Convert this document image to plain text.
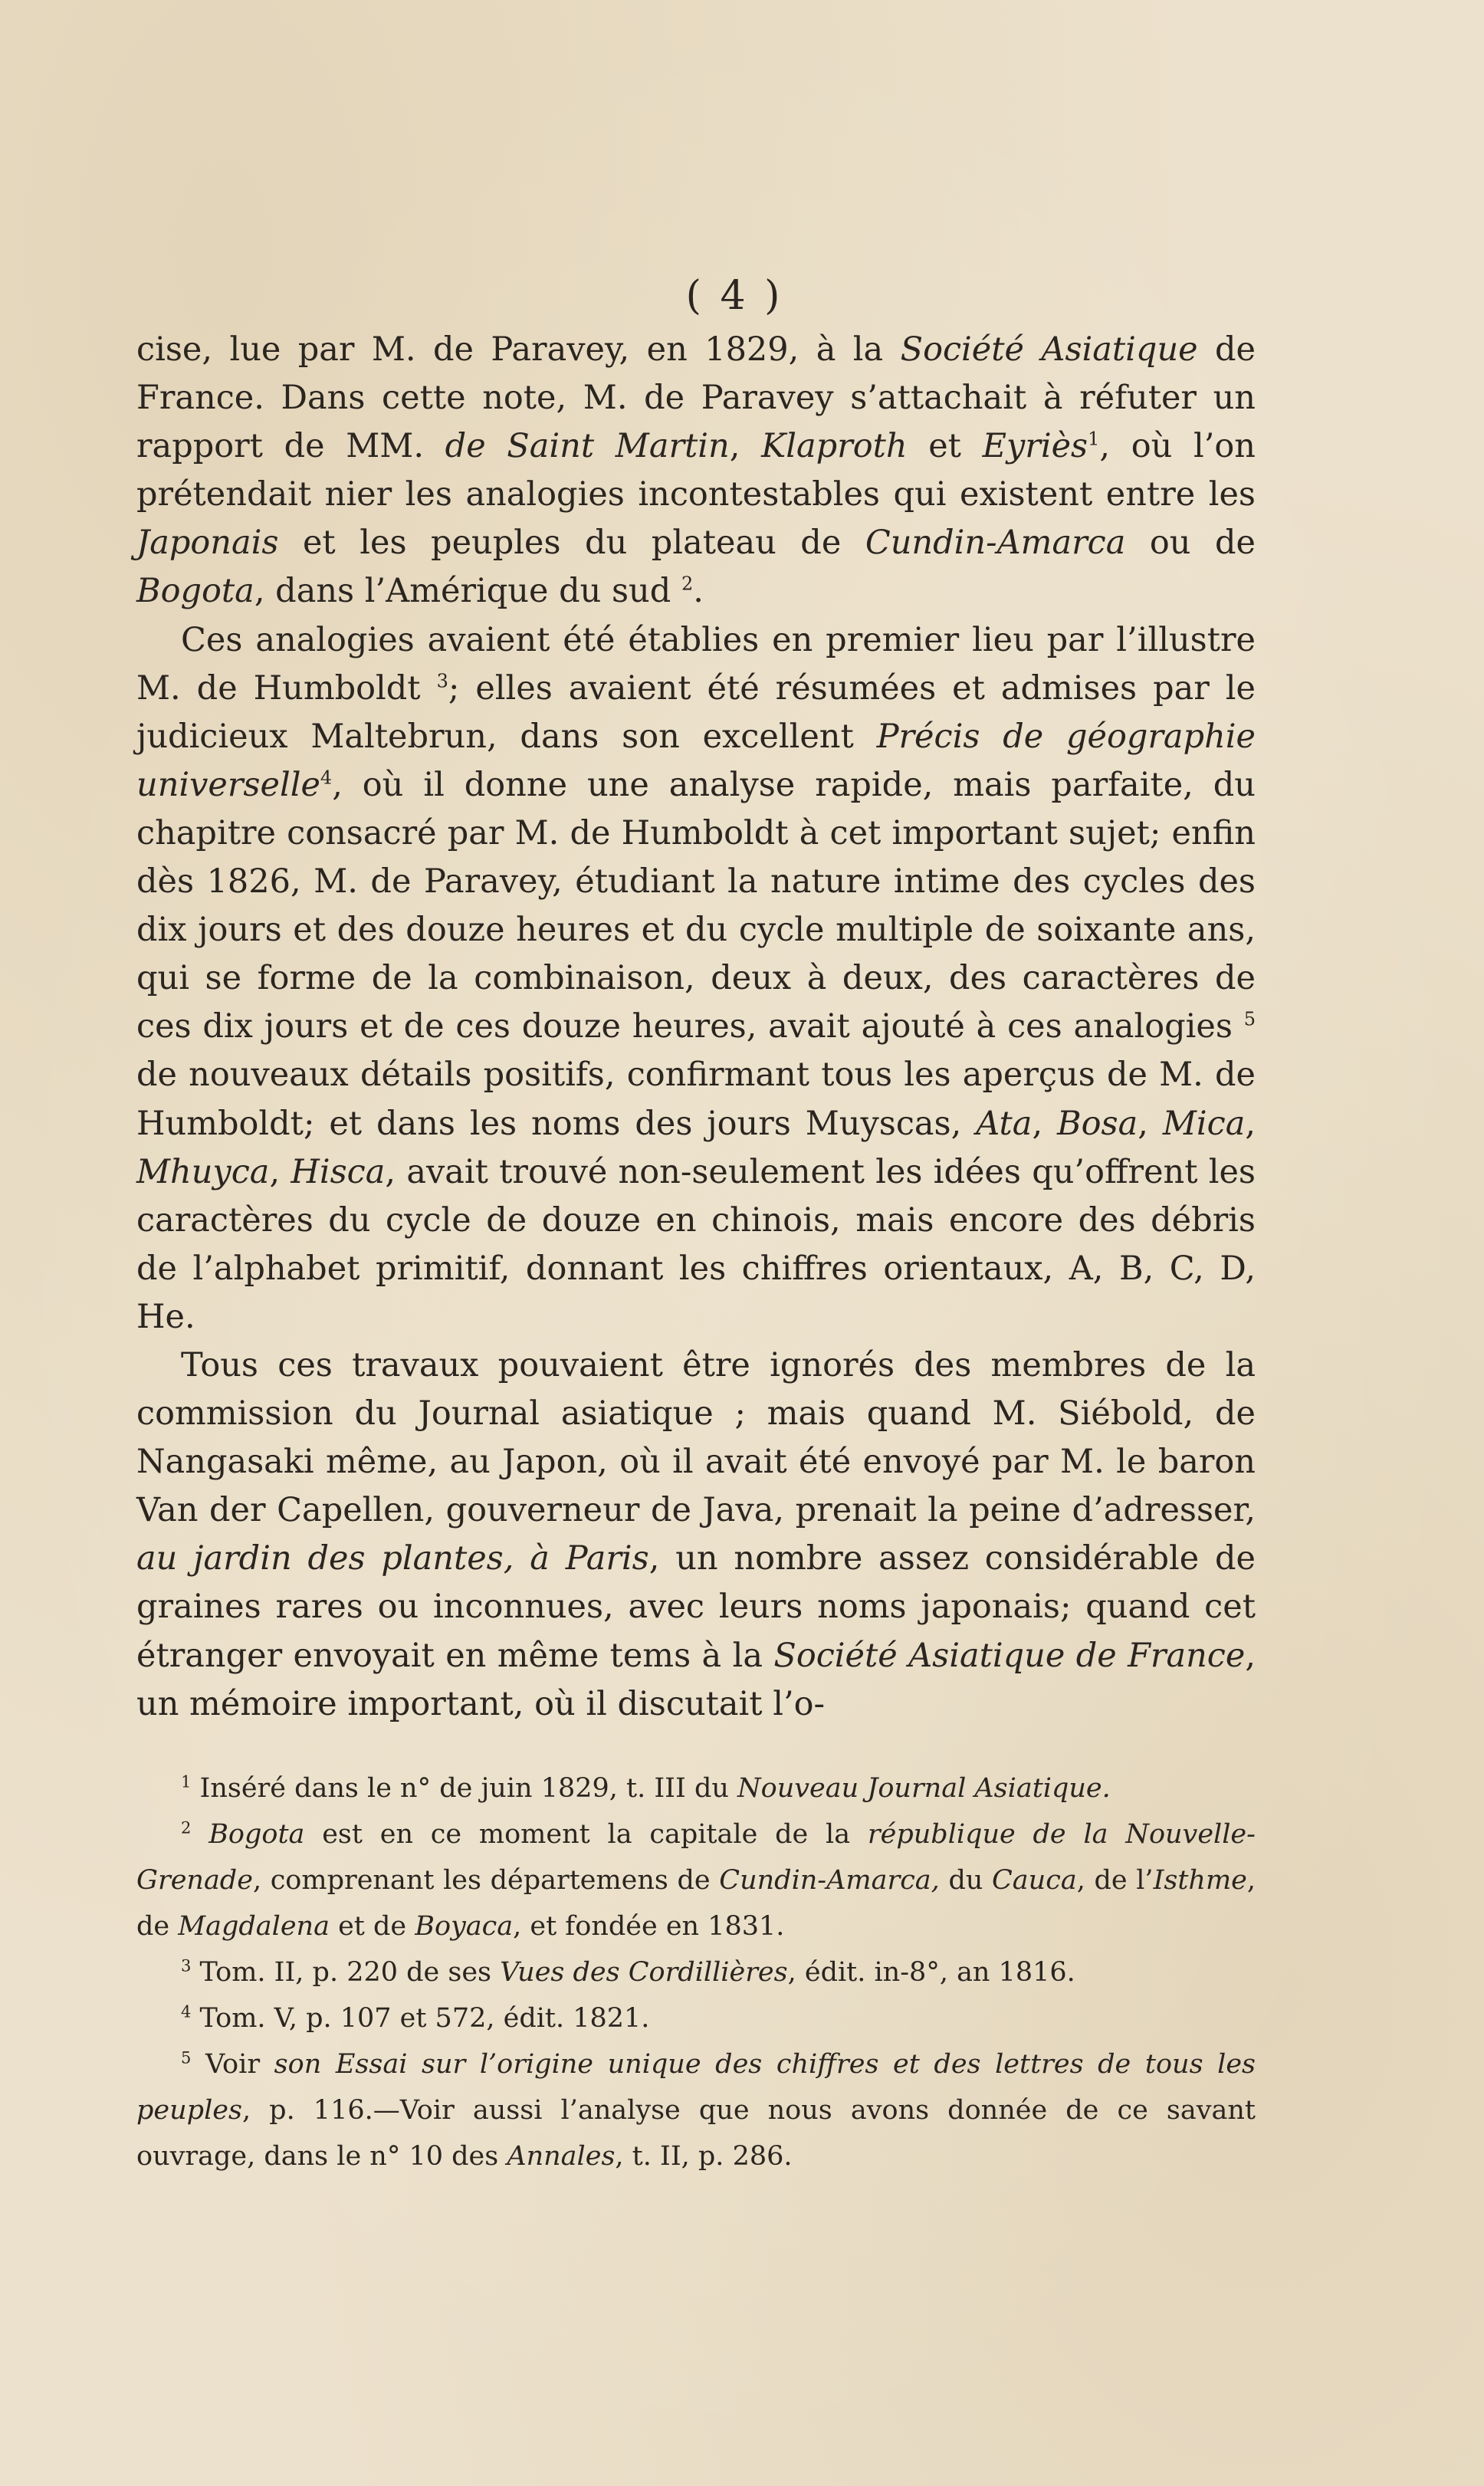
( 4 )

cise, lue par M. de Paravey, en 1829, à la Société Asiatique de France. Dans cette note, M. de Paravey s’attachait à réfuter un rapport de MM. de Saint Martin, Klaproth et Eyriès$^1$, où l’on prétendait nier les analogies incontestables qui existent entre les Japonais et les peuples du plateau de Cundin-Amarca ou de Bogota, dans l’Amérique du sud $^2$.

Ces analogies avaient été établies en premier lieu par l’illustre M. de Humboldt $^3$; elles avaient été résumées et admises par le judicieux Maltebrun, dans son excellent Précis de géographie universelle$^4$, où il donne une analyse rapide, mais parfaite, du chapitre consacré par M. de Humboldt à cet important sujet; enfin dès 1826, M. de Paravey, étudiant la nature intime des cycles des dix jours et des douze heures et du cycle multiple de soixante ans, qui se forme de la combinaison, deux à deux, des caractères de ces dix jours et de ces douze heures, avait ajouté à ces analogies $^5$ de nouveaux détails positifs, confirmant tous les aperçus de M. de Humboldt; et dans les noms des jours Muyscas, Ata, Bosa, Mica, Mhuyca, Hisca, avait trouvé non-seulement les idées qu’offrent les caractères du cycle de douze en chinois, mais encore des débris de l’alphabet primitif, donnant les chiffres orientaux, A, B, C, D, He.

Tous ces travaux pouvaient être ignorés des membres de la commission du Journal asiatique ; mais quand M. Siébold, de Nangasaki même, au Japon, où il avait été envoyé par M. le baron Van der Capellen, gouverneur de Java, prenait la peine d’adresser, au jardin des plantes, à Paris, un nombre assez considérable de graines rares ou inconnues, avec leurs noms japonais; quand cet étranger envoyait en même tems à la Société Asiatique de France, un mémoire important, où il discutait l’o-

$^1$ Inséré dans le n° de juin 1829, t. III du Nouveau Journal Asiatique.

$^2$ Bogota est en ce moment la capitale de la république de la Nouvelle-Grenade, comprenant les départemens de Cundin-Amarca, du Cauca, de l’Isthme, de Magdalena et de Boyaca, et fondée en 1831.

$^3$ Tom. II, p. 220 de ses Vues des Cordillières, édit. in-8°, an 1816.

$^4$ Tom. V, p. 107 et 572, édit. 1821.

$^5$ Voir son Essai sur l’origine unique des chiffres et des lettres de tous les peuples, p. 116.—Voir aussi l’analyse que nous avons donnée de ce savant ouvrage, dans le n° 10 des Annales, t. II, p. 286.
